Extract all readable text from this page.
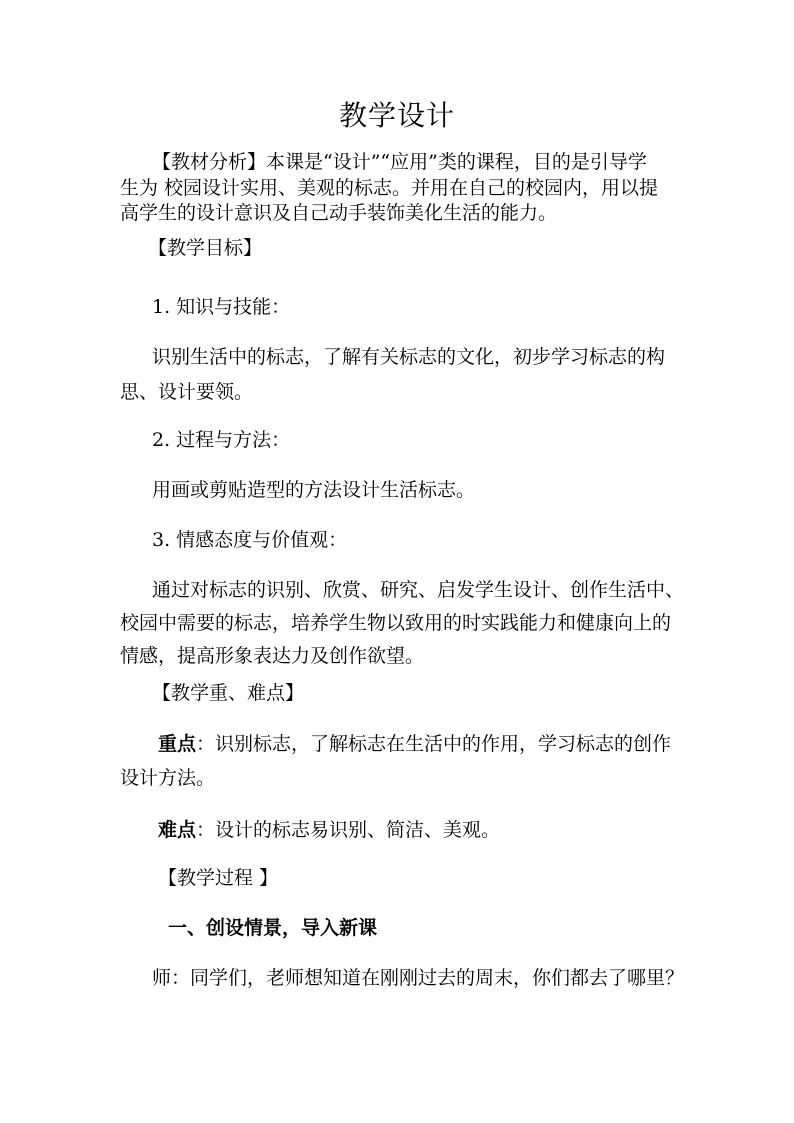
教学设计
【教材分析】本课是“设计”“应用”类的课程，目的是引导学
生为 校园设计实用、美观的标志。并用在自己的校园内，用以提
高学生的设计意识及自己动手装饰美化生活的能力。
【教学目标】
1. 知识与技能：
识别生活中的标志，了解有关标志的文化，初步学习标志的构
思、设计要领。
2. 过程与方法：
用画或剪贴造型的方法设计生活标志。
3. 情感态度与价值观：
通过对标志的识别、欣赏、研究、启发学生设计、创作生活中、
校园中需要的标志，培养学生物以致用的时实践能力和健康向上的
情感，提高形象表达力及创作欲望。
【教学重、难点】
重点：识别标志，了解标志在生活中的作用，学习标志的创作
设计方法。
难点：设计的标志易识别、简洁、美观。
【教学过程 】
一、创设情景，导入新课
师：同学们，老师想知道在刚刚过去的周末，你们都去了哪里？
